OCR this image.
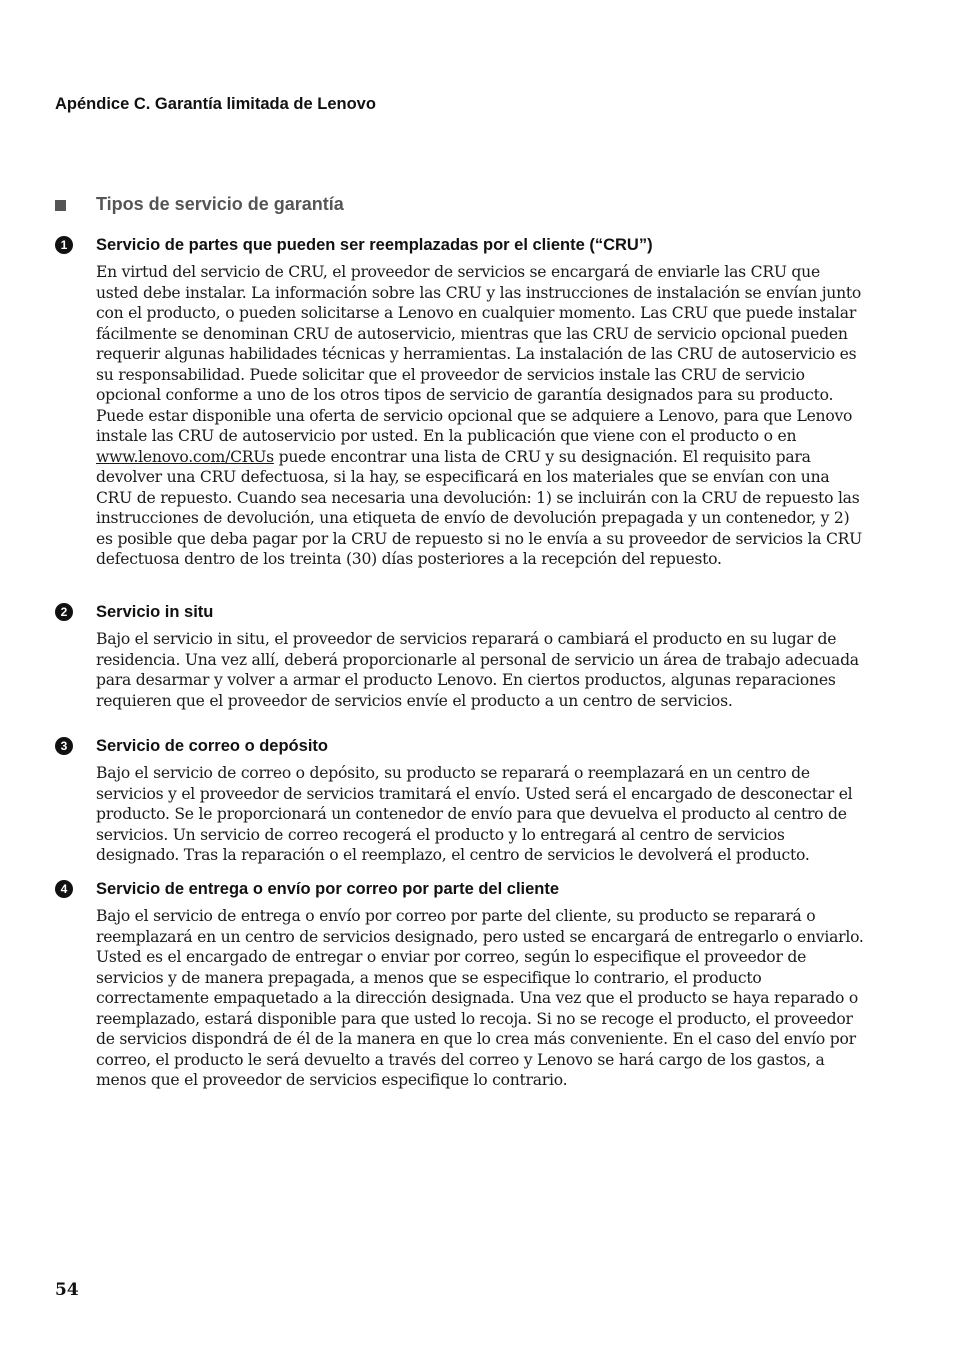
Apéndice C. Garantía limitada de Lenovo
Tipos de servicio de garantía
1	Servicio de partes que pueden ser reemplazadas por el cliente (“CRU”)

En virtud del servicio de CRU, el proveedor de servicios se encargará de enviarle las CRU que usted debe instalar. La información sobre las CRU y las instrucciones de instalación se envían junto con el producto, o pueden solicitarse a Lenovo en cualquier momento. Las CRU que puede instalar fácilmente se denominan CRU de autoservicio, mientras que las CRU de servicio opcional pueden requerir algunas habilidades técnicas y herramientas. La instalación de las CRU de autoservicio es su responsabilidad. Puede solicitar que el proveedor de servicios instale las CRU de servicio opcional conforme a uno de los otros tipos de servicio de garantía designados para su producto. Puede estar disponible una oferta de servicio opcional que se adquiere a Lenovo, para que Lenovo instale las CRU de autoservicio por usted. En la publicación que viene con el producto o en www.lenovo.com/CRUs puede encontrar una lista de CRU y su designación. El requisito para devolver una CRU defectuosa, si la hay, se especificará en los materiales que se envían con una CRU de repuesto. Cuando sea necesaria una devolución: 1) se incluirán con la CRU de repuesto las instrucciones de devolución, una etiqueta de envío de devolución prepagada y un contenedor, y 2) es posible que deba pagar por la CRU de repuesto si no le envía a su proveedor de servicios la CRU defectuosa dentro de los treinta (30) días posteriores a la recepción del repuesto.

2	Servicio in situ

Bajo el servicio in situ, el proveedor de servicios reparará o cambiará el producto en su lugar de residencia. Una vez allí, deberá proporcionarle al personal de servicio un área de trabajo adecuada para desarmar y volver a armar el producto Lenovo. En ciertos productos, algunas reparaciones requieren que el proveedor de servicios envíe el producto a un centro de servicios.

3	Servicio de correo o depósito

Bajo el servicio de correo o depósito, su producto se reparará o reemplazará en un centro de servicios y el proveedor de servicios tramitará el envío. Usted será el encargado de desconectar el producto. Se le proporcionará un contenedor de envío para que devuelva el producto al centro de servicios. Un servicio de correo recogerá el producto y lo entregará al centro de servicios designado. Tras la reparación o el reemplazo, el centro de servicios le devolverá el producto.

4	Servicio de entrega o envío por correo por parte del cliente

Bajo el servicio de entrega o envío por correo por parte del cliente, su producto se reparará o reemplazará en un centro de servicios designado, pero usted se encargará de entregarlo o enviarlo. Usted es el encargado de entregar o enviar por correo, según lo especifique el proveedor de servicios y de manera prepagada, a menos que se especifique lo contrario, el producto correctamente empaquetado a la dirección designada. Una vez que el producto se haya reparado o reemplazado, estará disponible para que usted lo recoja. Si no se recoge el producto, el proveedor de servicios dispondrá de él de la manera en que lo crea más conveniente. En el caso del envío por correo, el producto le será devuelto a través del correo y Lenovo se hará cargo de los gastos, a menos que el proveedor de servicios especifique lo contrario.

54
